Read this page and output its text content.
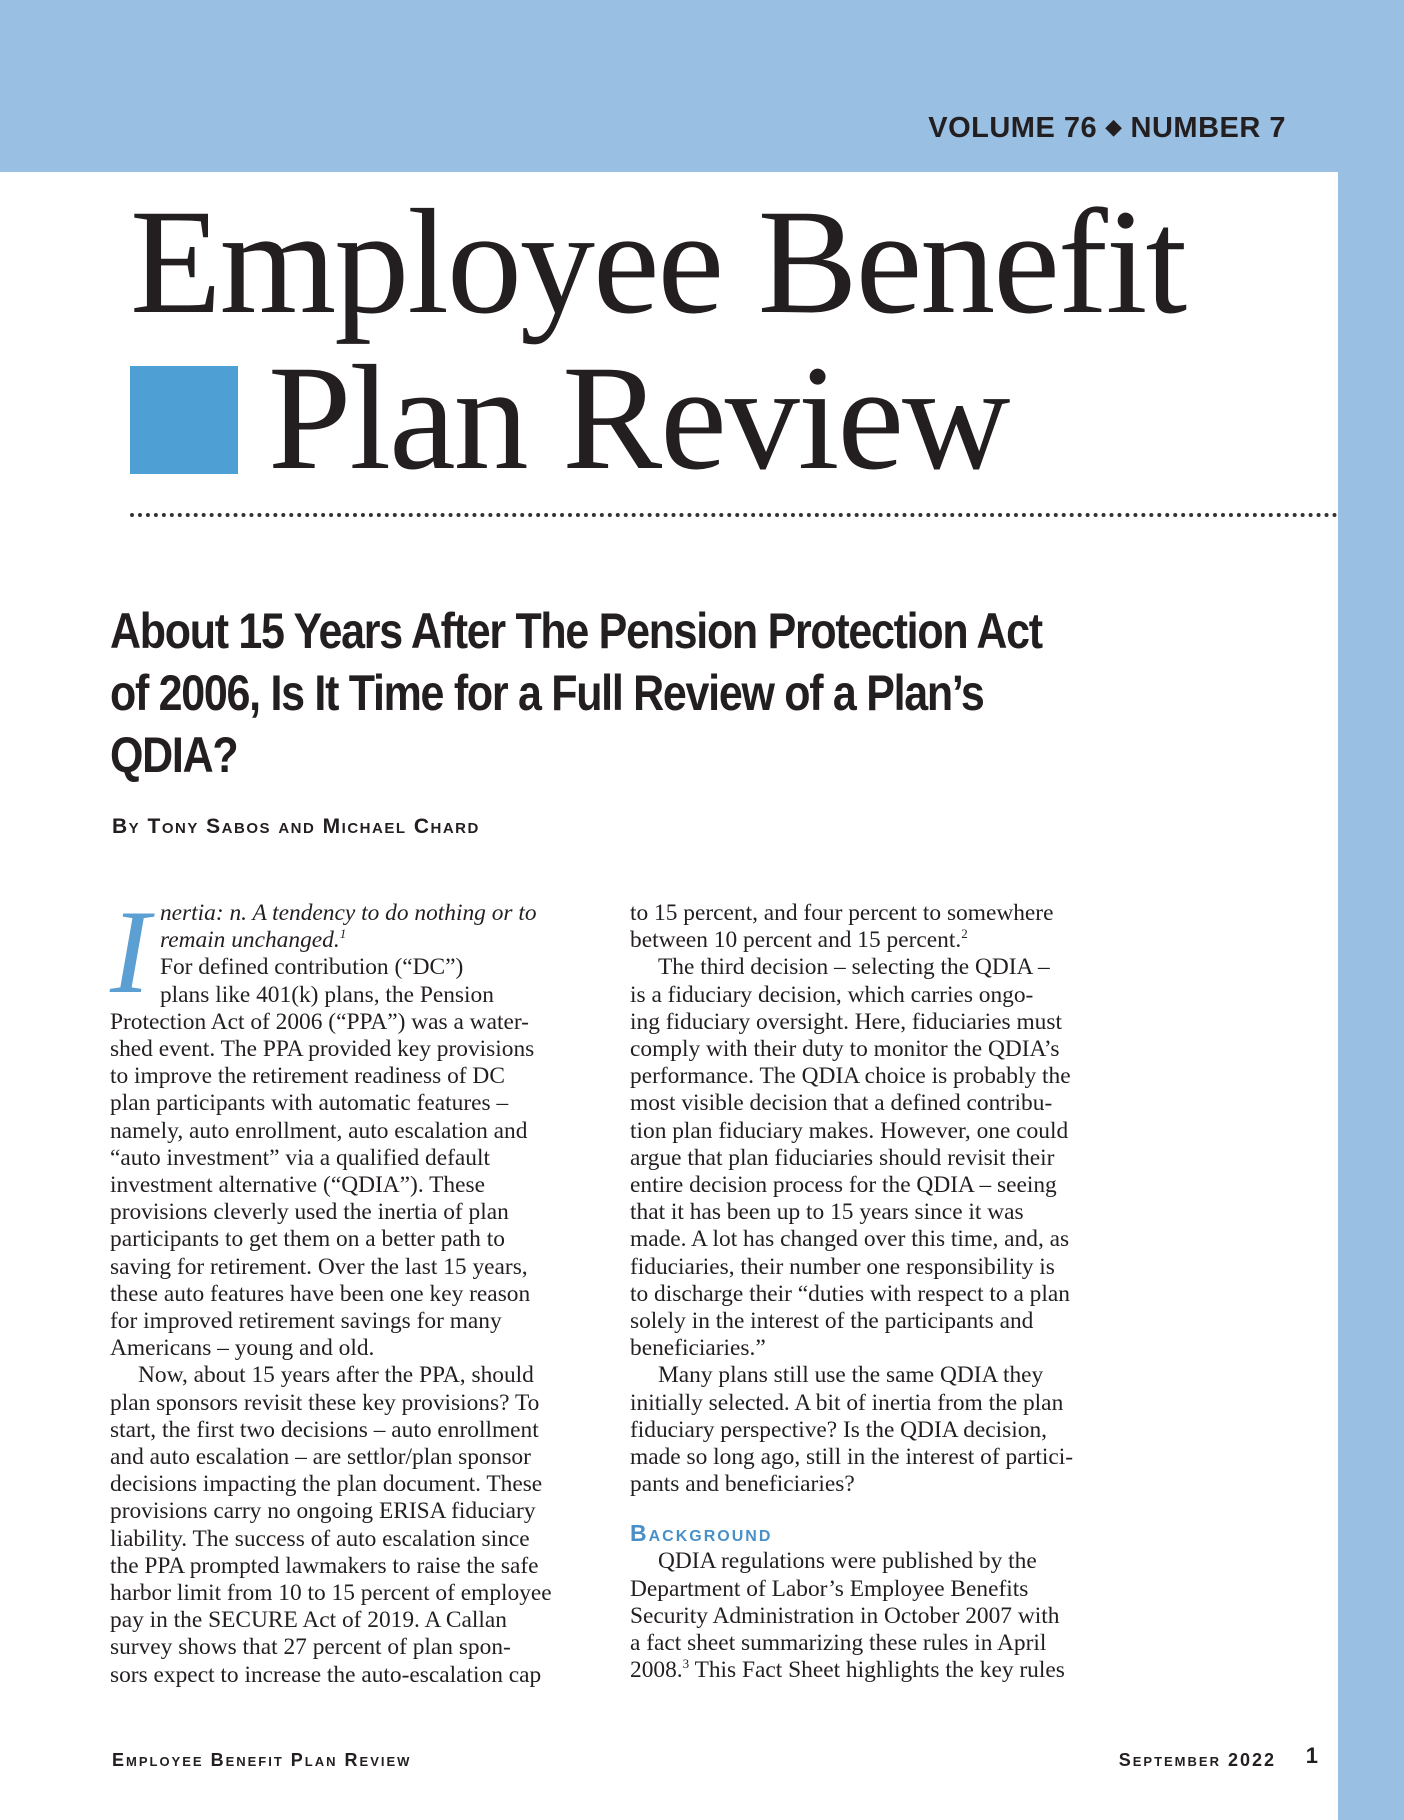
VOLUME 76 ◆ NUMBER 7
Employee Benefit
Plan Review
About 15 Years After The Pension Protection Act of 2006, Is It Time for a Full Review of a Plan’s QDIA?
By Tony Sabos and Michael Chard
I nertia: n. A tendency to do nothing or to
remain unchanged.$^1$
For defined contribution (“DC”)
plans like 401(k) plans, the Pension
Protection Act of 2006 (“PPA”) was a water-
shed event. The PPA provided key provisions
to improve the retirement readiness of DC
plan participants with automatic features –
namely, auto enrollment, auto escalation and
“auto investment” via a qualified default
investment alternative (“QDIA”). These
provisions cleverly used the inertia of plan
participants to get them on a better path to
saving for retirement. Over the last 15 years,
these auto features have been one key reason
for improved retirement savings for many
Americans – young and old.
Now, about 15 years after the PPA, should
plan sponsors revisit these key provisions? To
start, the first two decisions – auto enrollment
and auto escalation – are settlor/plan sponsor
decisions impacting the plan document. These
provisions carry no ongoing ERISA fiduciary
liability. The success of auto escalation since
the PPA prompted lawmakers to raise the safe
harbor limit from 10 to 15 percent of employee
pay in the SECURE Act of 2019. A Callan
survey shows that 27 percent of plan spon-
sors expect to increase the auto-escalation cap
to 15 percent, and four percent to somewhere
between 10 percent and 15 percent.$^2$
The third decision – selecting the QDIA –
is a fiduciary decision, which carries ongo-
ing fiduciary oversight. Here, fiduciaries must
comply with their duty to monitor the QDIA’s
performance. The QDIA choice is probably the
most visible decision that a defined contribu-
tion plan fiduciary makes. However, one could
argue that plan fiduciaries should revisit their
entire decision process for the QDIA – seeing
that it has been up to 15 years since it was
made. A lot has changed over this time, and, as
fiduciaries, their number one responsibility is
to discharge their “duties with respect to a plan
solely in the interest of the participants and
beneficiaries.”
Many plans still use the same QDIA they
initially selected. A bit of inertia from the plan
fiduciary perspective? Is the QDIA decision,
made so long ago, still in the interest of partici-
pants and beneficiaries?
Background
QDIA regulations were published by the
Department of Labor’s Employee Benefits
Security Administration in October 2007 with
a fact sheet summarizing these rules in April
2008.$^3$ This Fact Sheet highlights the key rules
Employee Benefit Plan Review	September 2022 1
